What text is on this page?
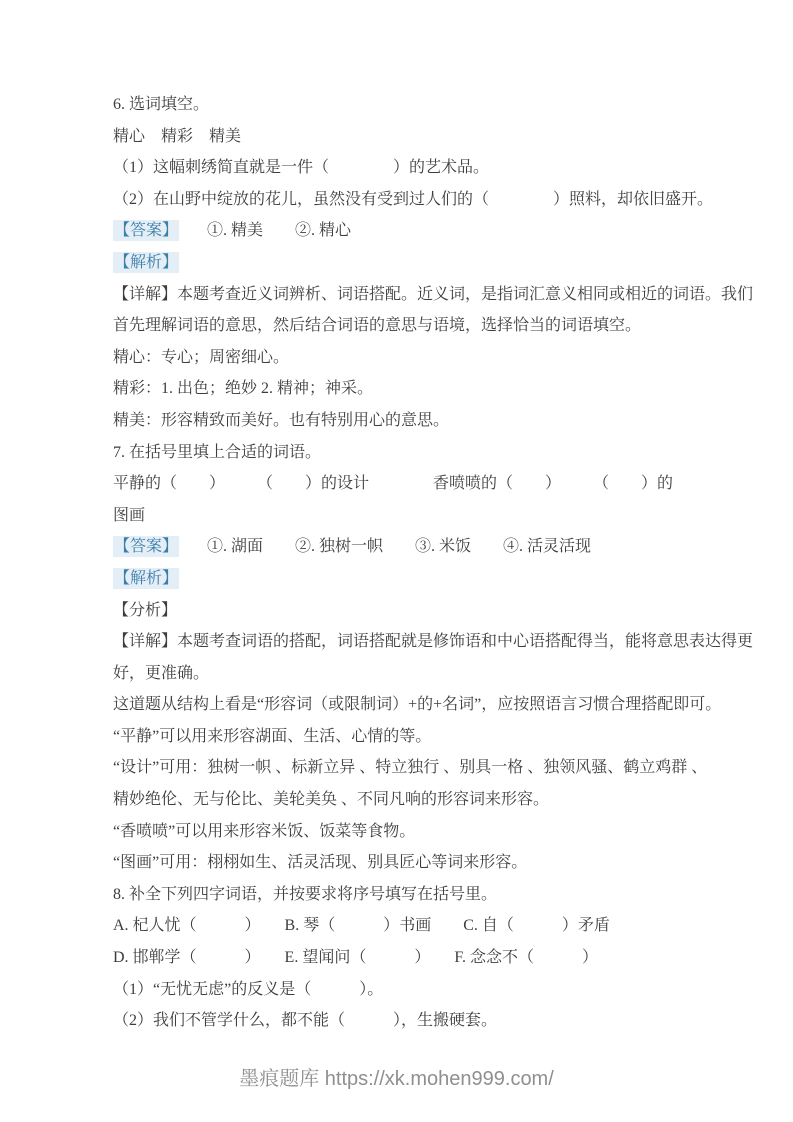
6. 选词填空。

精心　精彩　精美

（1）这幅刺绣简直就是一件（　　　　）的艺术品。

（2）在山野中绽放的花儿，虽然没有受到过人们的（　　　　）照料，却依旧盛开。

【答案】 ①. 精美　　②. 精心

【解析】

【详解】本题考查近义词辨析、词语搭配。近义词，是指词汇意义相同或相近的词语。我们

首先理解词语的意思，然后结合词语的意思与语境，选择恰当的词语填空。

精心：专心；周密细心。

精彩：1. 出色；绝妙 2. 精神；神采。

精美：形容精致而美好。也有特别用心的意思。

7. 在括号里填上合适的词语。

平静的（　　）　　　（　　）的设计　　　　香喷喷的（　　）　　　（　　）的

图画

【答案】 ①. 湖面　　②. 独树一帜　　③. 米饭　　④. 活灵活现

【解析】

【分析】

【详解】本题考查词语的搭配，词语搭配就是修饰语和中心语搭配得当，能将意思表达得更

好，更准确。

这道题从结构上看是“形容词（或限制词）+的+名词”，应按照语言习惯合理搭配即可。

“平静”可以用来形容湖面、生活、心情的等。

“设计”可用：独树一帜 、标新立异 、特立独行 、别具一格 、独领风骚、鹤立鸡群 、

精妙绝伦、无与伦比、美轮美奂 、不同凡响的形容词来形容。

“香喷喷”可以用来形容米饭、饭菜等食物。

“图画”可用：栩栩如生、活灵活现、别具匠心等词来形容。

8. 补全下列四字词语，并按要求将序号填写在括号里。

A. 杞人忧（　　　）　　B. 琴（　　　）书画　　C. 自（　　　）矛盾

D. 邯郸学（　　　）　　E. 望闻问（　　　）　　F. 念念不（　　　）

（1）“无忧无虑”的反义是（　　　）。

（2）我们不管学什么，都不能（　　　），生搬硬套。

墨痕题库 https://xk.mohen999.com/
